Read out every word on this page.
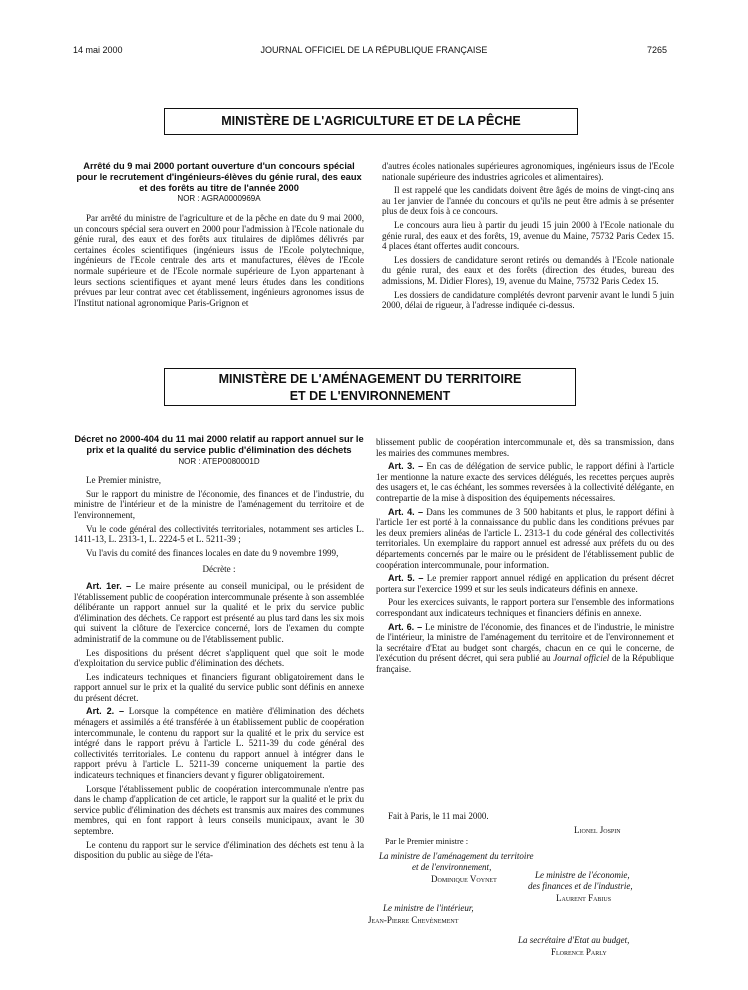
14 mai 2000	JOURNAL OFFICIEL DE LA RÉPUBLIQUE FRANÇAISE	7265
MINISTÈRE DE L'AGRICULTURE ET DE LA PÊCHE
Arrêté du 9 mai 2000 portant ouverture d'un concours spécial pour le recrutement d'ingénieurs-élèves du génie rural, des eaux et des forêts au titre de l'année 2000
NOR : AGRA0000969A

Par arrêté du ministre de l'agriculture et de la pêche en date du 9 mai 2000, un concours spécial sera ouvert en 2000 pour l'admission à l'Ecole nationale du génie rural, des eaux et des forêts aux titulaires de diplômes délivrés par certaines écoles scientifiques (ingénieurs issus de l'Ecole polytechnique, ingénieurs de l'Ecole centrale des arts et manufactures, élèves de l'Ecole normale supérieure et de l'Ecole normale supérieure de Lyon appartenant à leurs sections scientifiques et ayant mené leurs études dans les conditions prévues par leur contrat avec cet établissement, ingénieurs agronomes issus de l'Institut national agronomique Paris-Grignon et

d'autres écoles nationales supérieures agronomiques, ingénieurs issus de l'Ecole nationale supérieure des industries agricoles et alimentaires).

Il est rappelé que les candidats doivent être âgés de moins de vingt-cinq ans au 1er janvier de l'année du concours et qu'ils ne peut être admis à se présenter plus de deux fois à ce concours.

Le concours aura lieu à partir du jeudi 15 juin 2000 à l'Ecole nationale du génie rural, des eaux et des forêts, 19, avenue du Maine, 75732 Paris Cedex 15. 4 places étant offertes audit concours.

Les dossiers de candidature seront retirés ou demandés à l'Ecole nationale du génie rural, des eaux et des forêts (direction des études, bureau des admissions, M. Didier Flores), 19, avenue du Maine, 75732 Paris Cedex 15.

Les dossiers de candidature complétés devront parvenir avant le lundi 5 juin 2000, délai de rigueur, à l'adresse indiquée ci-dessus.

MINISTÈRE DE L'AMÉNAGEMENT DU TERRITOIRE
ET DE L'ENVIRONNEMENT
Décret no 2000-404 du 11 mai 2000 relatif au rapport annuel sur le prix et la qualité du service public d'élimination des déchets
NOR : ATEP0080001D

Le Premier ministre,

Sur le rapport du ministre de l'économie, des finances et de l'industrie, du ministre de l'intérieur et de la ministre de l'aménagement du territoire et de l'environnement,

Vu le code général des collectivités territoriales, notamment ses articles L. 1411-13, L. 2313-1, L. 2224-5 et L. 5211-39 ;

Vu l'avis du comité des finances locales en date du 9 novembre 1999,

Décrète :

Art. 1er. – Le maire présente au conseil municipal, ou le président de l'établissement public de coopération intercommunale présente à son assemblée délibérante un rapport annuel sur la qualité et le prix du service public d'élimination des déchets. Ce rapport est présenté au plus tard dans les six mois qui suivent la clôture de l'exercice concerné, lors de l'examen du compte administratif de la commune ou de l'établissement public.

Les dispositions du présent décret s'appliquent quel que soit le mode d'exploitation du service public d'élimination des déchets.

Les indicateurs techniques et financiers figurant obligatoirement dans le rapport annuel sur le prix et la qualité du service public sont définis en annexe du présent décret.

Art. 2. – Lorsque la compétence en matière d'élimination des déchets ménagers et assimilés a été transférée à un établissement public de coopération intercommunale, le contenu du rapport sur la qualité et le prix du service est intégré dans le rapport prévu à l'article L. 5211-39 du code général des collectivités territoriales. Le contenu du rapport annuel à intégrer dans le rapport prévu à l'article L. 5211-39 concerne uniquement la partie des indicateurs techniques et financiers devant y figurer obligatoirement.

Lorsque l'établissement public de coopération intercommunale n'entre pas dans le champ d'application de cet article, le rapport sur la qualité et le prix du service public d'élimination des déchets est transmis aux maires des communes membres, qui en font rapport à leurs conseils municipaux, avant le 30 septembre.

Le contenu du rapport sur le service d'élimination des déchets est tenu à la disposition du public au siège de l'éta-

blissement public de coopération intercommunale et, dès sa transmission, dans les mairies des communes membres.

Art. 3. – En cas de délégation de service public, le rapport défini à l'article 1er mentionne la nature exacte des services délégués, les recettes perçues auprès des usagers et, le cas échéant, les sommes reversées à la collectivité délégante, en contrepartie de la mise à disposition des équipements nécessaires.

Art. 4. – Dans les communes de 3 500 habitants et plus, le rapport défini à l'article 1er est porté à la connaissance du public dans les conditions prévues par les deux premiers alinéas de l'article L. 2313-1 du code général des collectivités territoriales. Un exemplaire du rapport annuel est adressé aux préfets du ou des départements concernés par le maire ou le président de l'établissement public de coopération intercommunale, pour information.

Art. 5. – Le premier rapport annuel rédigé en application du présent décret portera sur l'exercice 1999 et sur les seuls indicateurs définis en annexe.

Pour les exercices suivants, le rapport portera sur l'ensemble des informations correspondant aux indicateurs techniques et financiers définis en annexe.

Art. 6. – Le ministre de l'économie, des finances et de l'industrie, le ministre de l'intérieur, la ministre de l'aménagement du territoire et de l'environnement et la secrétaire d'Etat au budget sont chargés, chacun en ce qui le concerne, de l'exécution du présent décret, qui sera publié au Journal officiel de la République française.

Fait à Paris, le 11 mai 2000.
Lionel Jospin
Par le Premier ministre :
La ministre de l'aménagement du territoire
et de l'environnement,
Dominique Voynet	Le ministre de l'économie,
des finances et de l'industrie,
Laurent Fabius
Le ministre de l'intérieur,
Jean-Pierre Chevènement
La secrétaire d'Etat au budget,
Florence Parly
